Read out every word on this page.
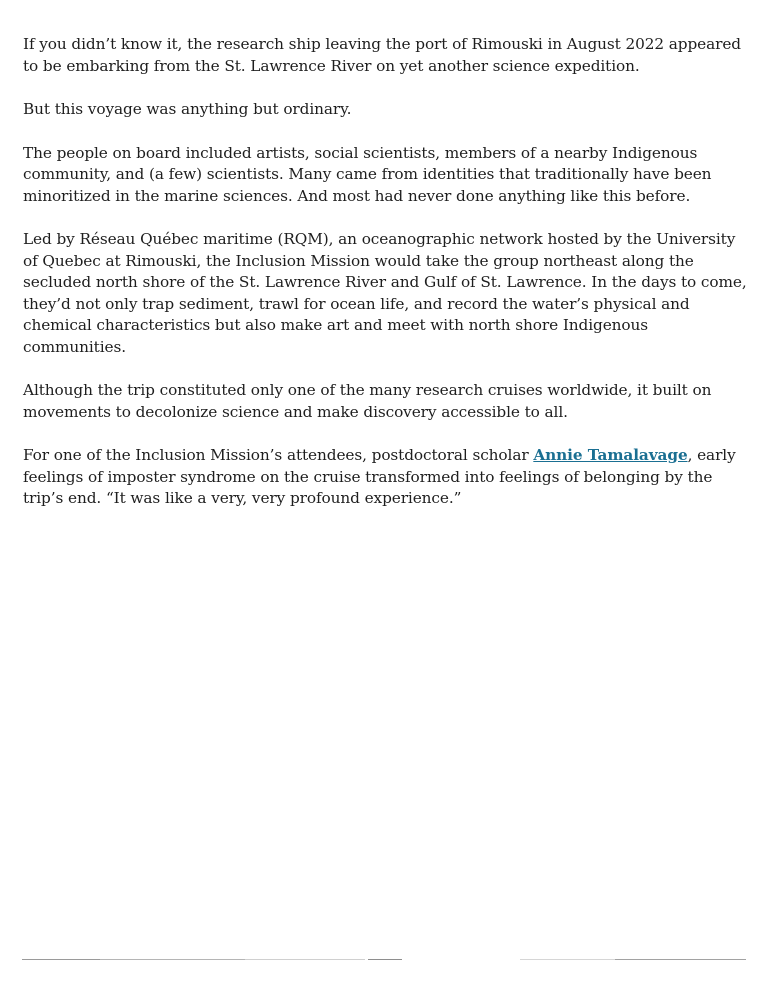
If you didn’t know it, the research ship leaving the port of Rimouski in August 2022 appeared to be embarking from the St. Lawrence River on yet another science expedition.

But this voyage was anything but ordinary.

The people on board included artists, social scientists, members of a nearby Indigenous community, and (a few) scientists. Many came from identities that traditionally have been minoritized in the marine sciences. And most had never done anything like this before.

Led by Réseau Québec maritime (RQM), an oceanographic network hosted by the University of Quebec at Rimouski, the Inclusion Mission would take the group northeast along the secluded north shore of the St. Lawrence River and Gulf of St. Lawrence. In the days to come, they’d not only trap sediment, trawl for ocean life, and record the water’s physical and chemical characteristics but also make art and meet with north shore Indigenous communities.

Although the trip constituted only one of the many research cruises worldwide, it built on movements to decolonize science and make discovery accessible to all.

For one of the Inclusion Mission’s attendees, postdoctoral scholar Annie Tamalavage, early feelings of imposter syndrome on the cruise transformed into feelings of belonging by the trip’s end. “It was like a very, very profound experience.”
